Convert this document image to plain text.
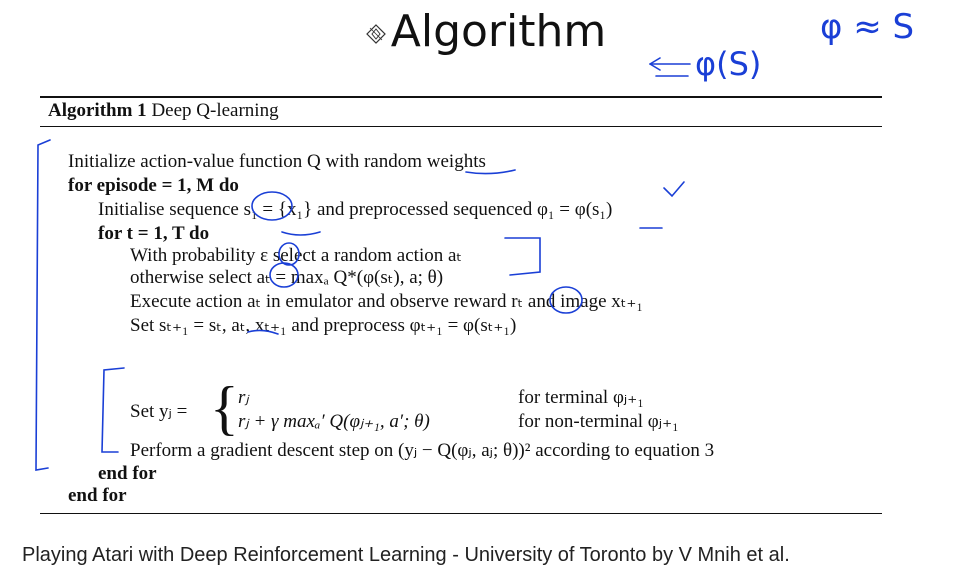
Algorithm
φ(S)
φ ≈ S
Algorithm 1 Deep Q-learning
Initialize action-value function Q with random weights
for episode = 1, M do
Initialise sequence s₁ = {x₁} and preprocessed sequenced φ₁ = φ(s₁)
for t = 1, T do
With probability ε select a random action aₜ
otherwise select aₜ = maxₐ Q*(φ(sₜ), a; θ)
Execute action aₜ in emulator and observe reward rₜ and image xₜ₊₁
Set sₜ₊₁ = sₜ, aₜ, xₜ₊₁ and preprocess φₜ₊₁ = φ(sₜ₊₁)
Set yⱼ = { rⱼ	for terminal φⱼ₊₁
rⱼ + γ maxₐ′ Q(φⱼ₊₁, a′; θ)	for non-terminal φⱼ₊₁
Perform a gradient descent step on (yⱼ − Q(φⱼ, aⱼ; θ))² according to equation 3
end for
end for
Playing Atari with Deep Reinforcement Learning - University of Toronto by V Mnih et al.
